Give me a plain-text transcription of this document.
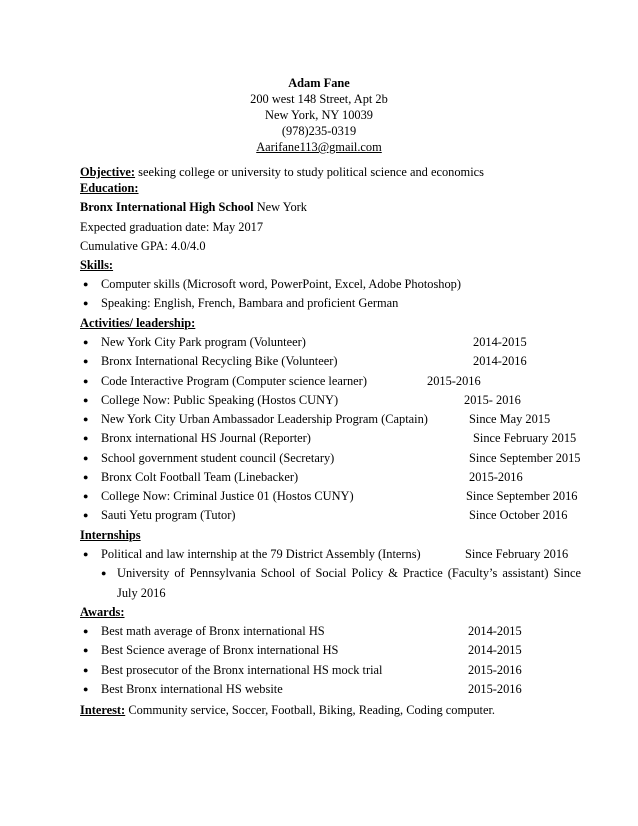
Adam Fane
200 west 148 Street, Apt 2b
New York, NY 10039
(978)235-0319
Aarifane113@gmail.com
Objective: seeking college or university to study political science and economics
Education:
Bronx International High School New York
Expected graduation date: May 2017
Cumulative GPA: 4.0/4.0
Skills:
● Computer skills (Microsoft word, PowerPoint, Excel, Adobe Photoshop)
● Speaking: English, French, Bambara and proficient German
Activities/ leadership:
● New York City Park program (Volunteer)	2014-2015
● Bronx International Recycling Bike (Volunteer)	2014-2016
● Code Interactive Program (Computer science learner)	2015-2016
● College Now: Public Speaking (Hostos CUNY)	2015- 2016
● New York City Urban Ambassador Leadership Program (Captain)	Since May 2015
● Bronx international HS Journal (Reporter)	Since February 2015
● School government student council (Secretary)	Since September 2015
● Bronx Colt Football Team (Linebacker)	2015-2016
● College Now: Criminal Justice 01 (Hostos CUNY)	Since September 2016
● Sauti Yetu program (Tutor)	Since October 2016
Internships
● Political and law internship at the 79 District Assembly (Interns)	Since February 2016
● University of Pennsylvania School of Social Policy & Practice (Faculty’s assistant) Since
July 2016
Awards:
● Best math average of Bronx international HS	2014-2015
● Best Science average of Bronx international HS	2014-2015
● Best prosecutor of the Bronx international HS mock trial	2015-2016
● Best Bronx international HS website	2015-2016
Interest: Community service, Soccer, Football, Biking, Reading, Coding computer.
